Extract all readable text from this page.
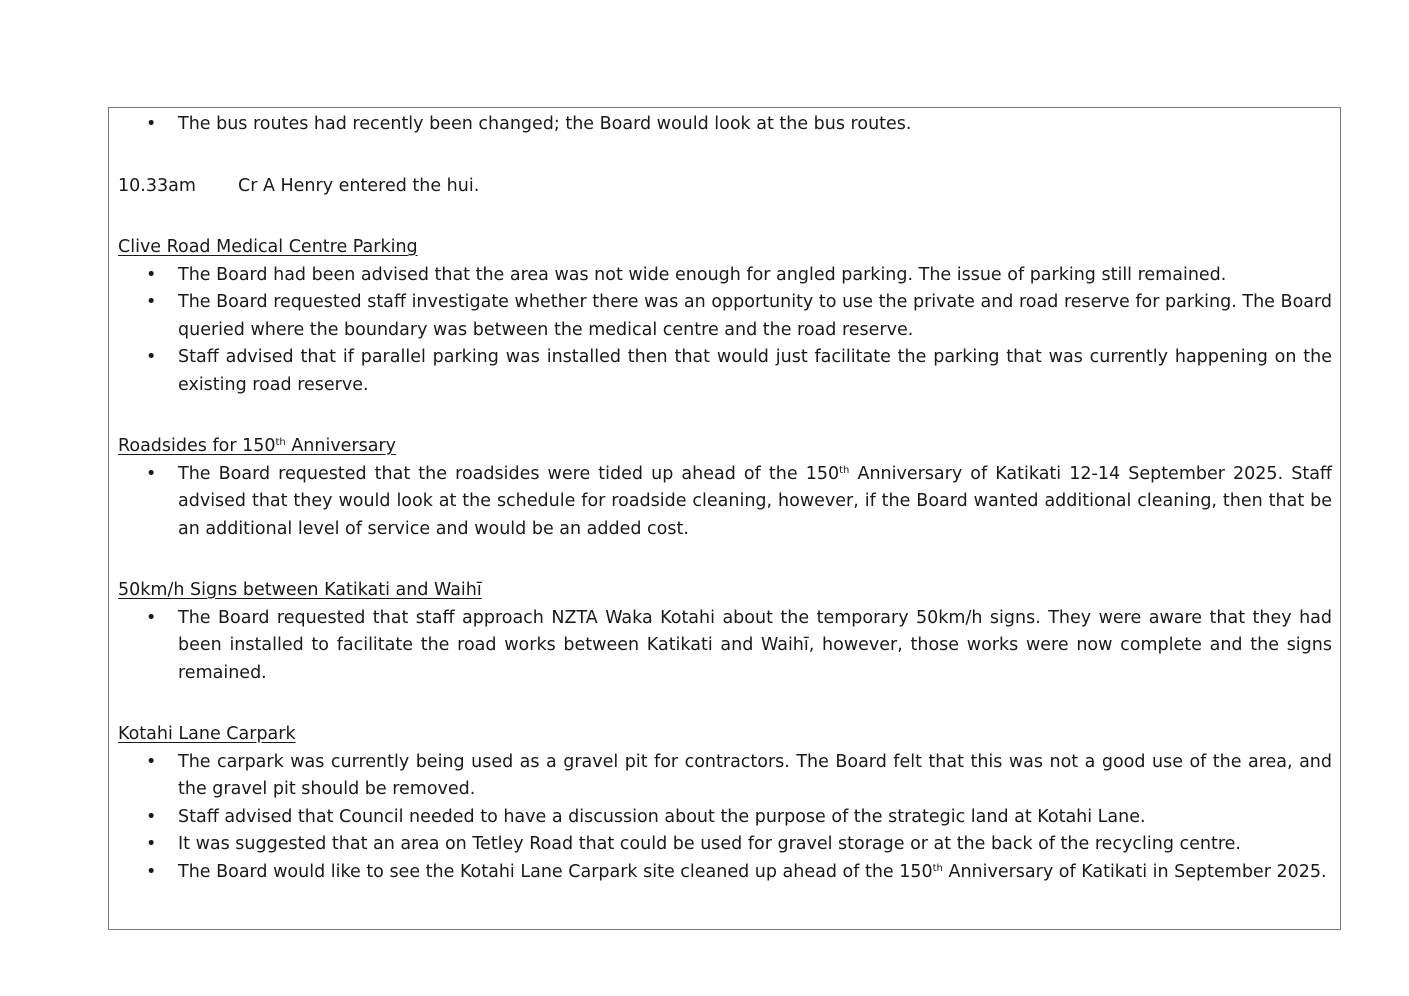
• The bus routes had recently been changed; the Board would look at the bus routes.
10.33am	Cr A Henry entered the hui.

Clive Road Medical Centre Parking

• The Board had been advised that the area was not wide enough for angled parking. The issue of parking still remained.
• The Board requested staff investigate whether there was an opportunity to use the private and road reserve for parking. The Board queried where the boundary was between the medical centre and the road reserve.
• Staff advised that if parallel parking was installed then that would just facilitate the parking that was currently happening on the existing road reserve.

Roadsides for 150th Anniversary

• The Board requested that the roadsides were tided up ahead of the 150th Anniversary of Katikati 12-14 September 2025. Staff advised that they would look at the schedule for roadside cleaning, however, if the Board wanted additional cleaning, then that be an additional level of service and would be an added cost.

50km/h Signs between Katikati and Waihī

• The Board requested that staff approach NZTA Waka Kotahi about the temporary 50km/h signs. They were aware that they had been installed to facilitate the road works between Katikati and Waihī, however, those works were now complete and the signs remained.

Kotahi Lane Carpark

• The carpark was currently being used as a gravel pit for contractors. The Board felt that this was not a good use of the area, and the gravel pit should be removed.
• Staff advised that Council needed to have a discussion about the purpose of the strategic land at Kotahi Lane.
• It was suggested that an area on Tetley Road that could be used for gravel storage or at the back of the recycling centre.
• The Board would like to see the Kotahi Lane Carpark site cleaned up ahead of the 150th Anniversary of Katikati in September 2025.
